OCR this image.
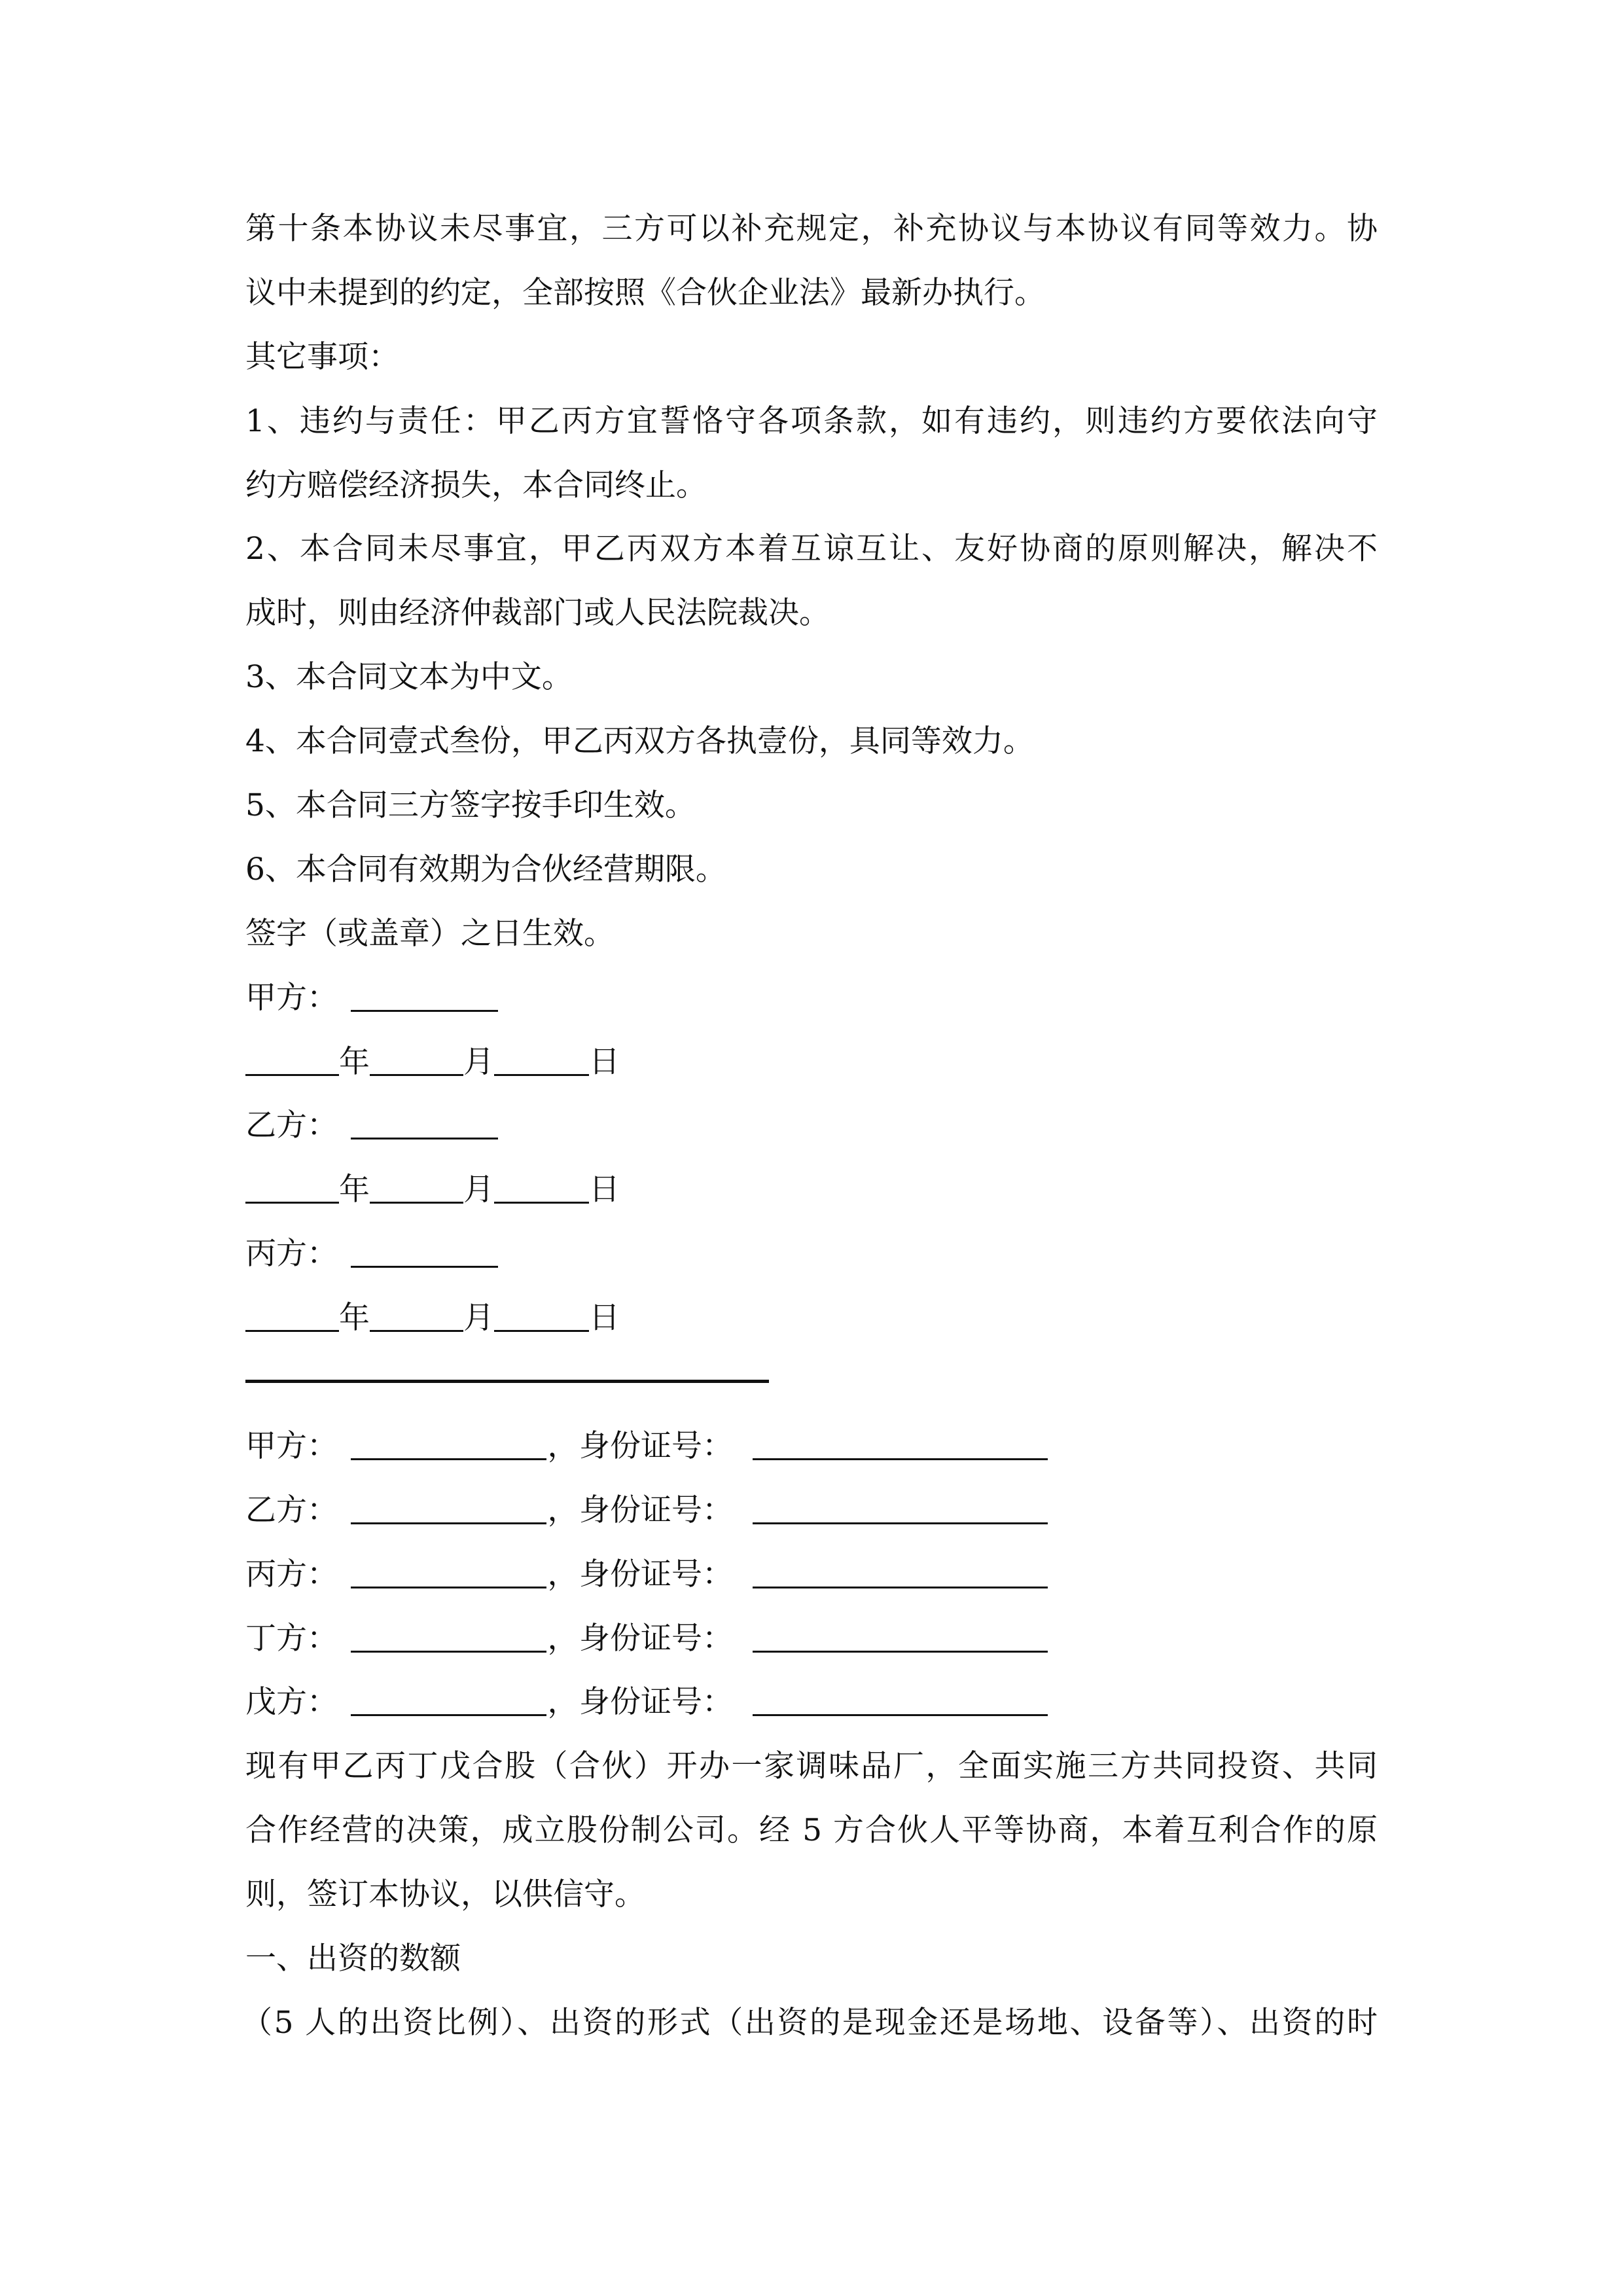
第十条本协议未尽事宜，三方可以补充规定，补充协议与本协议有同等效力。协
议中未提到的约定，全部按照《合伙企业法》最新办执行。
其它事项：
1、违约与责任：甲乙丙方宜誓恪守各项条款，如有违约，则违约方要依法向守
约方赔偿经济损失，本合同终止。
2、本合同未尽事宜，甲乙丙双方本着互谅互让、友好协商的原则解决，解决不
成时，则由经济仲裁部门或人民法院裁决。
3、本合同文本为中文。
4、本合同壹式叁份，甲乙丙双方各执壹份，具同等效力。
5、本合同三方签字按手印生效。
6、本合同有效期为合伙经营期限。
签字（或盖章）之日生效。
甲方：
年	月	日
乙方：
年	月	日
丙方：
年	月	日
甲方：	，身份证号：
乙方：	，身份证号：
丙方：	，身份证号：
丁方：	，身份证号：
戊方：	，身份证号：
现有甲乙丙丁戊合股（合伙）开办一家调味品厂，全面实施三方共同投资、共同
合作经营的决策，成立股份制公司。经 5 方合伙人平等协商，本着互利合作的原
则，签订本协议，以供信守。
一、出资的数额
（5 人的出资比例）、出资的形式（出资的是现金还是场地、设备等）、出资的时
